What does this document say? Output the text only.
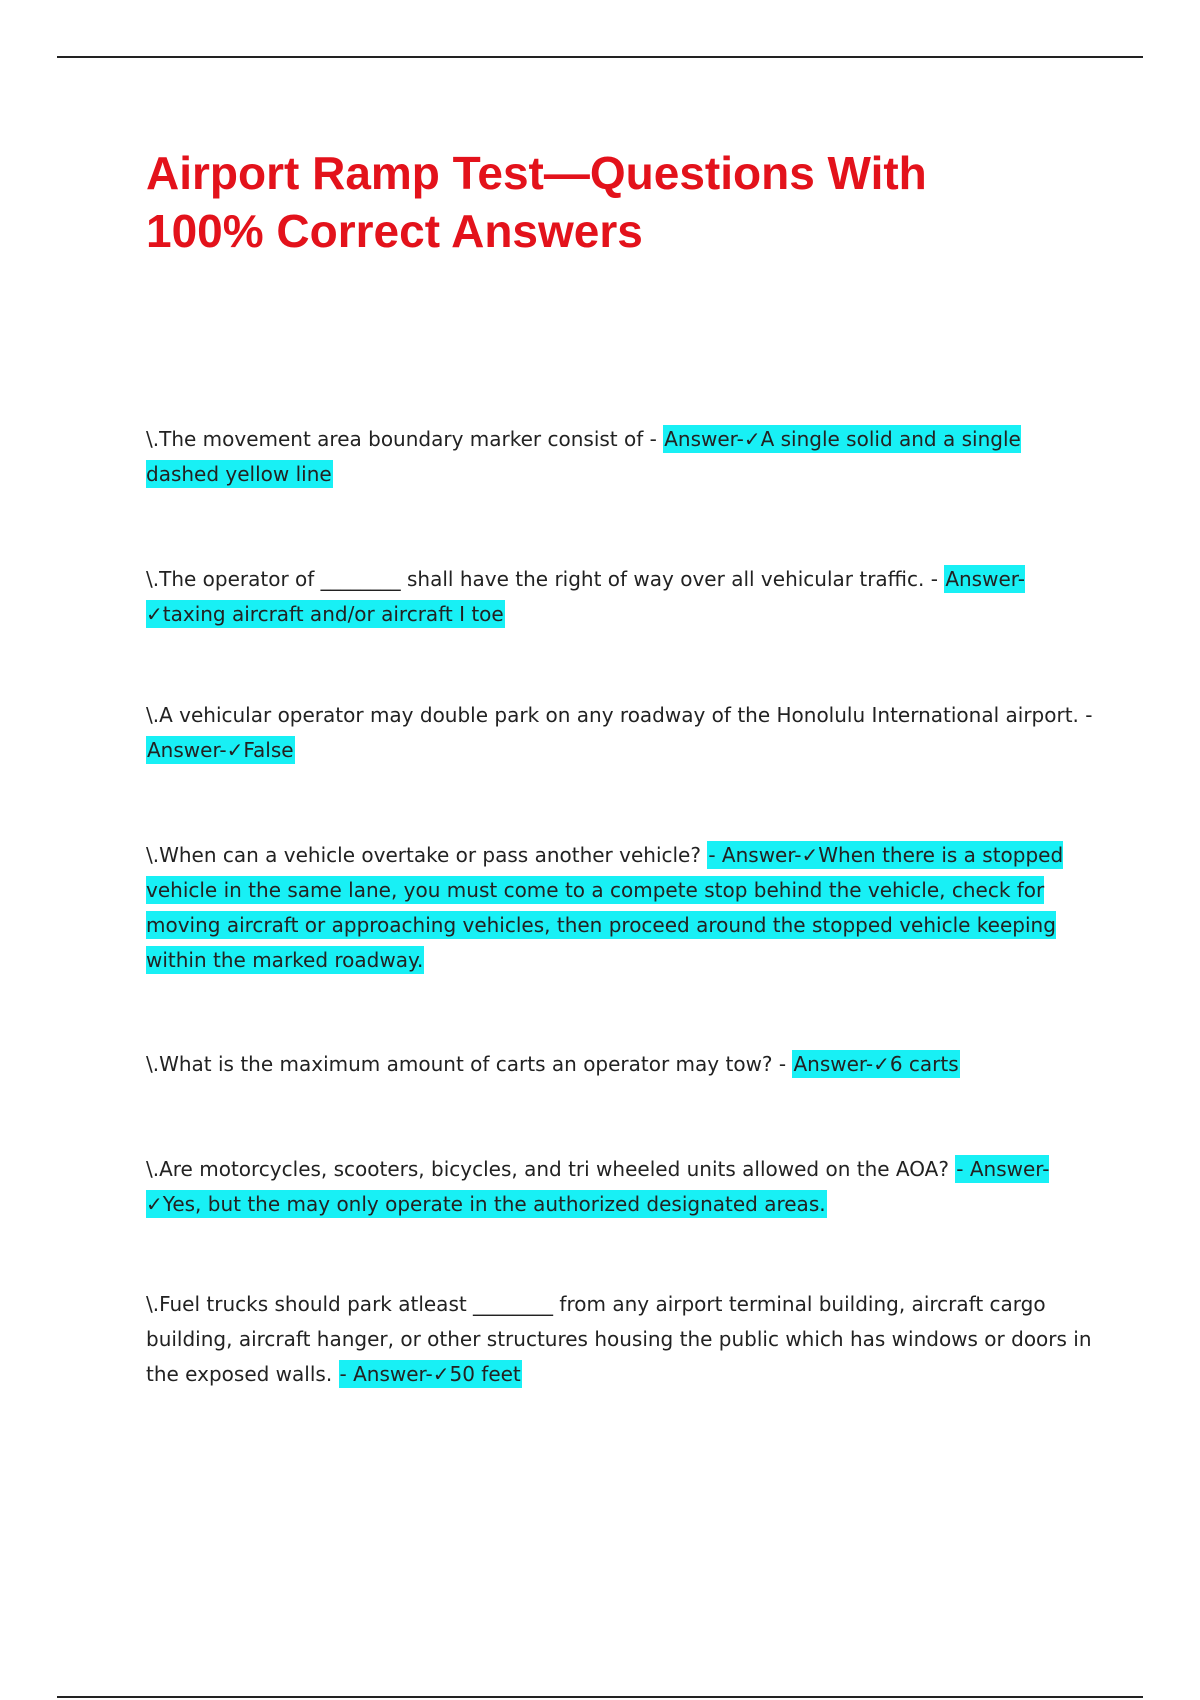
Airport Ramp Test—Questions With 100% Correct Answers

\.The movement area boundary marker consist of - Answer-✓A single solid and a single dashed yellow line

\.The operator of ________ shall have the right of way over all vehicular traffic. - Answer-✓taxing aircraft and/or aircraft I toe

\.A vehicular operator may double park on any roadway of the Honolulu International airport. - Answer-✓False

\.When can a vehicle overtake or pass another vehicle? - Answer-✓When there is a stopped vehicle in the same lane, you must come to a compete stop behind the vehicle, check for moving aircraft or approaching vehicles, then proceed around the stopped vehicle keeping within the marked roadway.

\.What is the maximum amount of carts an operator may tow? - Answer-✓6 carts

\.Are motorcycles, scooters, bicycles, and tri wheeled units allowed on the AOA? - Answer-✓Yes, but the may only operate in the authorized designated areas.

\.Fuel trucks should park atleast ________ from any airport terminal building, aircraft cargo building, aircraft hanger, or other structures housing the public which has windows or doors in the exposed walls. - Answer-✓50 feet
